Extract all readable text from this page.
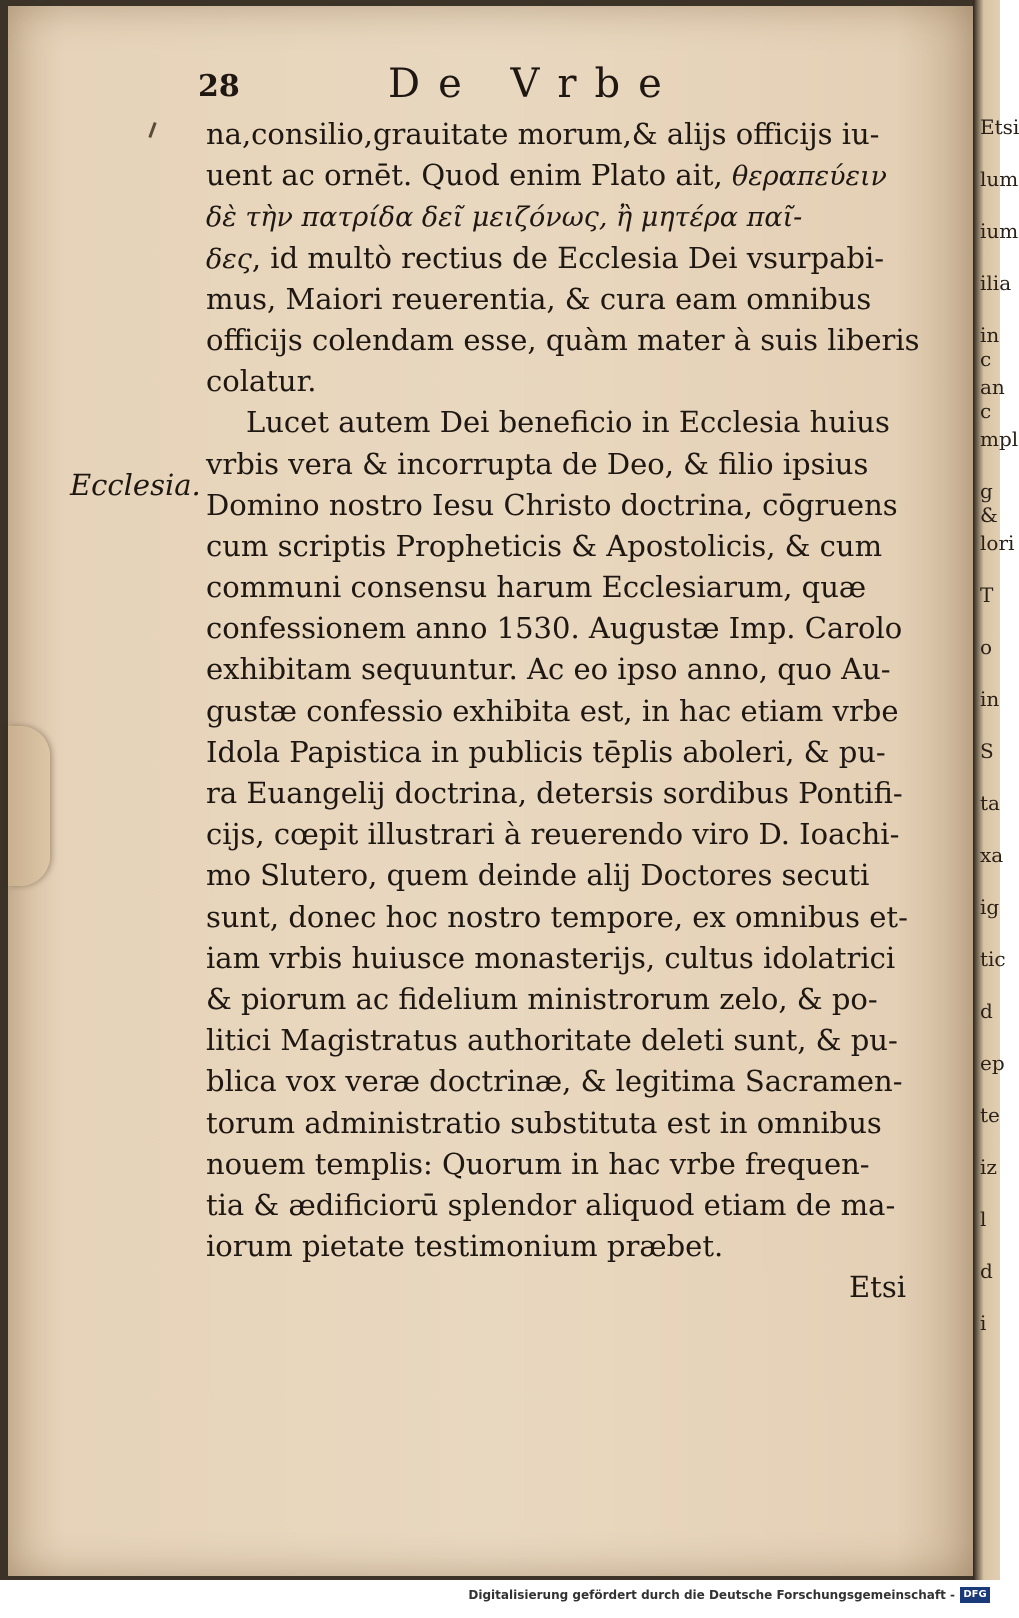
28	De Vrbe
Ecclesia.
na,consilio,grauitate morum,& alijs officijs iu-
uent ac ornēt. Quod enim Plato ait, θεραπεύειν
δὲ τὴν πατρίδα δεῖ μειζόνως, ἢ μητέρα παῖ-
δες, id multò rectius de Ecclesia Dei vsurpabi-
mus, Maiori reuerentia, & cura eam omnibus
officijs colendam esse, quàm mater à suis liberis
colatur.
Lucet autem Dei beneficio in Ecclesia huius
vrbis vera & incorrupta de Deo, & filio ipsius
Domino nostro Iesu Christo doctrina, cōgruens
cum scriptis Propheticis & Apostolicis, & cum
communi consensu harum Ecclesiarum, quæ
confessionem anno 1530. Augustæ Imp. Carolo
exhibitam sequuntur. Ac eo ipso anno, quo Au-
gustæ confessio exhibita est, in hac etiam vrbe
Idola Papistica in publicis tēplis aboleri, & pu-
ra Euangelij doctrina, detersis sordibus Pontifi-
cijs, cœpit illustrari à reuerendo viro D. Ioachi-
mo Slutero, quem deinde alij Doctores secuti
sunt, donec hoc nostro tempore, ex omnibus et-
iam vrbis huiusce monasterijs, cultus idolatrici
& piorum ac fidelium ministrorum zelo, & po-
litici Magistratus authoritate deleti sunt, & pu-
blica vox veræ doctrinæ, & legitima Sacramen-
torum administratio substituta est in omnibus
nouem templis: Quorum in hac vrbe frequen-
tia & ædificiorū splendor aliquod etiam de ma-
iorum pietate testimonium præbet.
Etsi
Etsi
lum
ium
ilia
in c
an c
mpl
g &
lori
T
o
in
S
ta
xa
ig
tic
d
ep
te
iz
l
d
i
Digitalisierung gefördert durch die Deutsche Forschungsgemeinschaft - DFG
